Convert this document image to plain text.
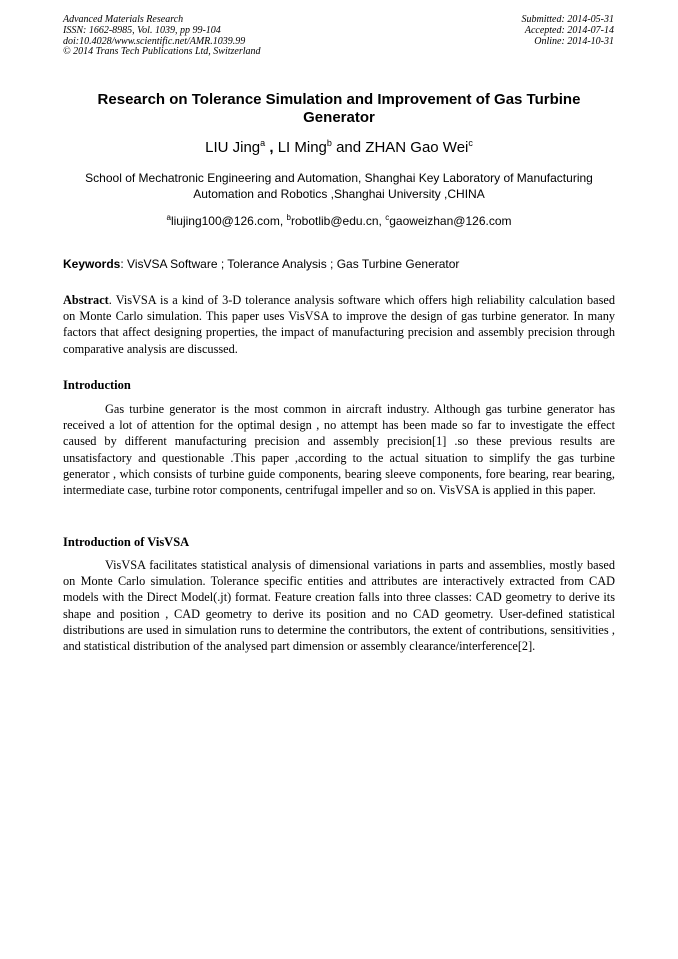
Advanced Materials Research
ISSN: 1662-8985, Vol. 1039, pp 99-104
doi:10.4028/www.scientific.net/AMR.1039.99
© 2014 Trans Tech Publications Ltd, Switzerland
Submitted: 2014-05-31
Accepted: 2014-07-14
Online: 2014-10-31
Research on Tolerance Simulation and Improvement of Gas Turbine
Generator
LIU Jing$^a$ , LI Ming$^b$ and ZHAN Gao Wei$^c$
School of Mechatronic Engineering and Automation, Shanghai Key Laboratory of Manufacturing
Automation and Robotics ,Shanghai University ,CHINA
$^a$liujing100@126.com, $^b$robotlib@edu.cn, $^c$gaoweizhan@126.com
Keywords: VisVSA Software ; Tolerance Analysis ; Gas Turbine Generator
Abstract. VisVSA is a kind of 3-D tolerance analysis software which offers high reliability calculation based on Monte Carlo simulation. This paper uses VisVSA to improve the design of gas turbine generator. In many factors that affect designing properties, the impact of manufacturing precision and assembly precision through comparative analysis are discussed.
Introduction
Gas turbine generator is the most common in aircraft industry. Although gas turbine generator has received a lot of attention for the optimal design , no attempt has been made so far to investigate the effect caused by different manufacturing precision and assembly precision[1] .so these previous results are unsatisfactory and questionable .This paper ,according to the actual situation to simplify the gas turbine generator , which consists of turbine guide components, bearing sleeve components, fore bearing, rear bearing, intermediate case, turbine rotor components, centrifugal impeller and so on. VisVSA is applied in this paper.
Introduction of VisVSA
VisVSA facilitates statistical analysis of dimensional variations in parts and assemblies, mostly based on Monte Carlo simulation. Tolerance specific entities and attributes are interactively extracted from CAD models with the Direct Model(.jt) format. Feature creation falls into three classes: CAD geometry to derive its shape and position , CAD geometry to derive its position and no CAD geometry. User-defined statistical distributions are used in simulation runs to determine the contributors, the extent of contributions, sensitivities , and statistical distribution of the analysed part dimension or assembly clearance/interference[2].
